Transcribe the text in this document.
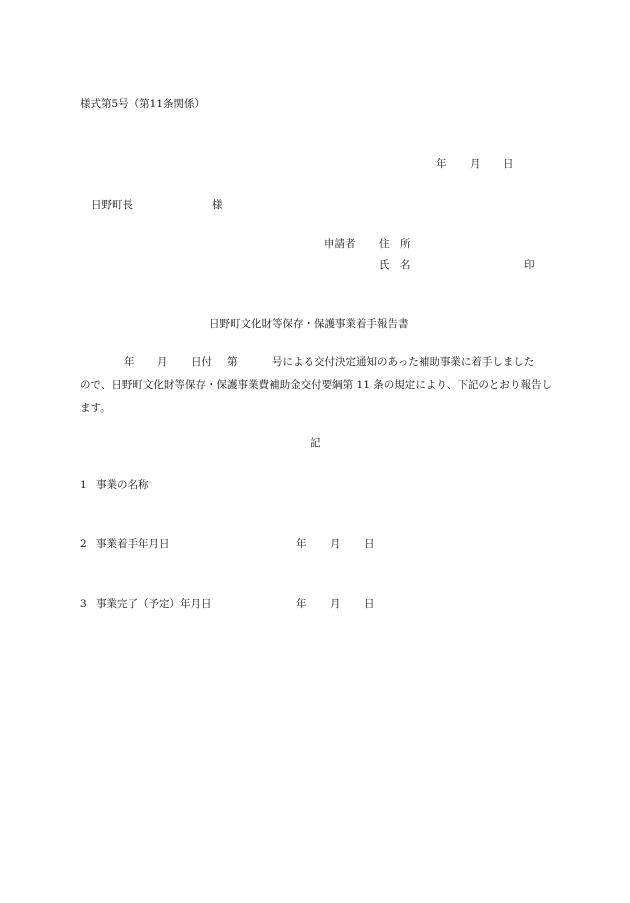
様式第5号（第11条関係）
年 月 日
日野町長	様
申請者 住　所
氏　名	印
日野町文化財等保存・保護事業着手報告書
年 月 日付 第	号による交付決定通知のあった補助事業に着手しました
ので、日野町文化財等保存・保護事業費補助金交付要綱第 11 条の規定により、下記のとおり報告します。
記
1 事業の名称
2 事業着手年月日	年 月 日
3 事業完了（予定）年月日	年 月 日
